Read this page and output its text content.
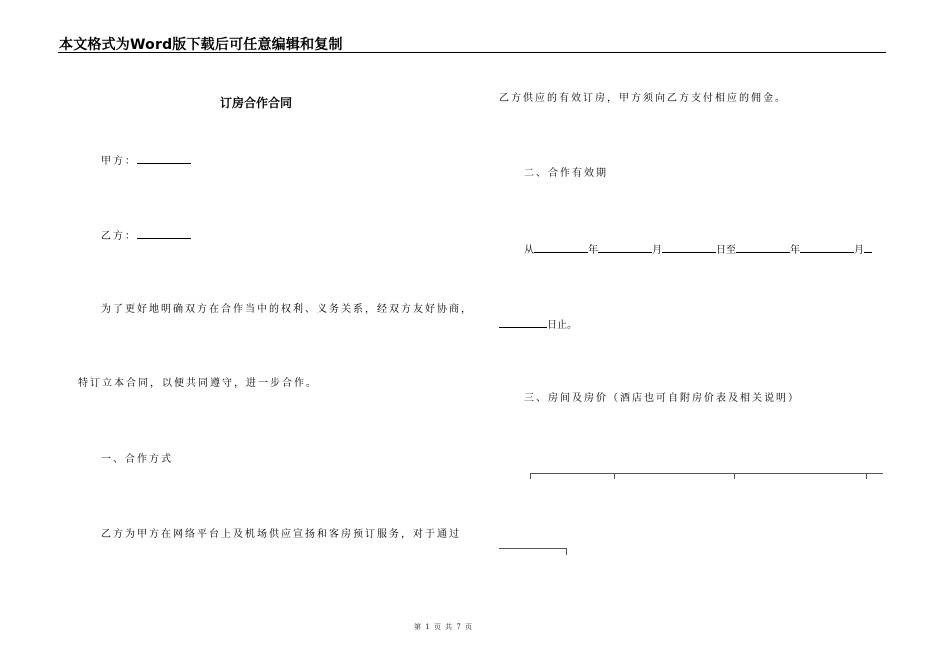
本文格式为Word版下载后可任意编辑和复制
订房合作合同
甲方：
乙方：
为了更好地明确双方在合作当中的权利、义务关系，经双方友好协商，
特订立本合同，以便共同遵守，进一步合作。
一、合作方式
乙方为甲方在网络平台上及机场供应宣扬和客房预订服务，对于通过
乙方供应的有效订房，甲方须向乙方支付相应的佣金。
二、合作有效期
从	年	月	日至	年	月
日止。
三、房间及房价（酒店也可自附房价表及相关说明）
第 1 页 共 7 页
